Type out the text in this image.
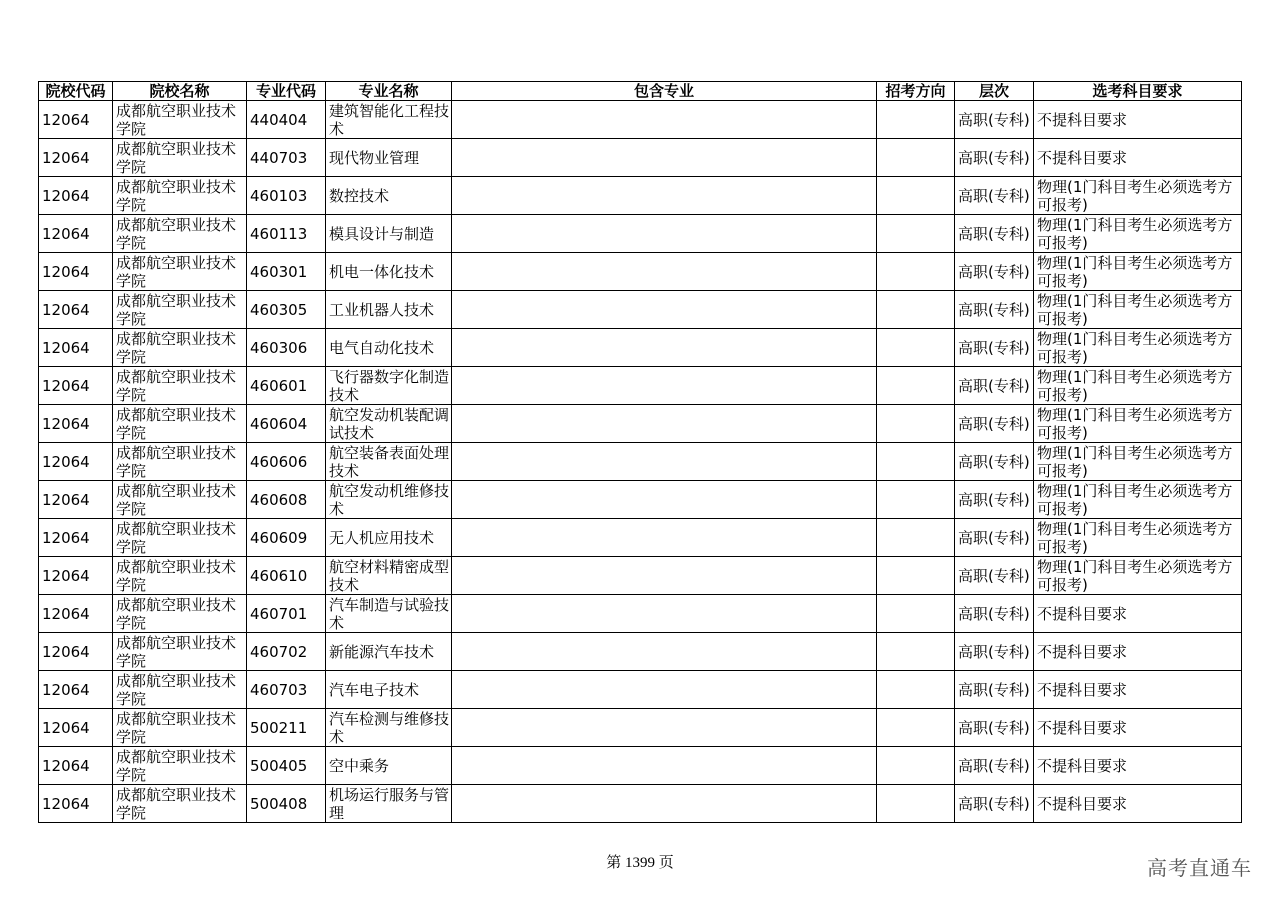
院校代码	院校名称	专业代码	专业名称	包含专业	招考方向	层次	选考科目要求
12064	成都航空职业技术学院	440404	建筑智能化工程技术			高职(专科)	不提科目要求
12064	成都航空职业技术学院	440703	现代物业管理			高职(专科)	不提科目要求
12064	成都航空职业技术学院	460103	数控技术			高职(专科)	物理(1门科目考生必须选考方可报考)
12064	成都航空职业技术学院	460113	模具设计与制造			高职(专科)	物理(1门科目考生必须选考方可报考)
12064	成都航空职业技术学院	460301	机电一体化技术			高职(专科)	物理(1门科目考生必须选考方可报考)
12064	成都航空职业技术学院	460305	工业机器人技术			高职(专科)	物理(1门科目考生必须选考方可报考)
12064	成都航空职业技术学院	460306	电气自动化技术			高职(专科)	物理(1门科目考生必须选考方可报考)
12064	成都航空职业技术学院	460601	飞行器数字化制造技术			高职(专科)	物理(1门科目考生必须选考方可报考)
12064	成都航空职业技术学院	460604	航空发动机装配调试技术			高职(专科)	物理(1门科目考生必须选考方可报考)
12064	成都航空职业技术学院	460606	航空装备表面处理技术			高职(专科)	物理(1门科目考生必须选考方可报考)
12064	成都航空职业技术学院	460608	航空发动机维修技术			高职(专科)	物理(1门科目考生必须选考方可报考)
12064	成都航空职业技术学院	460609	无人机应用技术			高职(专科)	物理(1门科目考生必须选考方可报考)
12064	成都航空职业技术学院	460610	航空材料精密成型技术			高职(专科)	物理(1门科目考生必须选考方可报考)
12064	成都航空职业技术学院	460701	汽车制造与试验技术			高职(专科)	不提科目要求
12064	成都航空职业技术学院	460702	新能源汽车技术			高职(专科)	不提科目要求
12064	成都航空职业技术学院	460703	汽车电子技术			高职(专科)	不提科目要求
12064	成都航空职业技术学院	500211	汽车检测与维修技术			高职(专科)	不提科目要求
12064	成都航空职业技术学院	500405	空中乘务			高职(专科)	不提科目要求
12064	成都航空职业技术学院	500408	机场运行服务与管理			高职(专科)	不提科目要求
第 1399 页	高考直通车
